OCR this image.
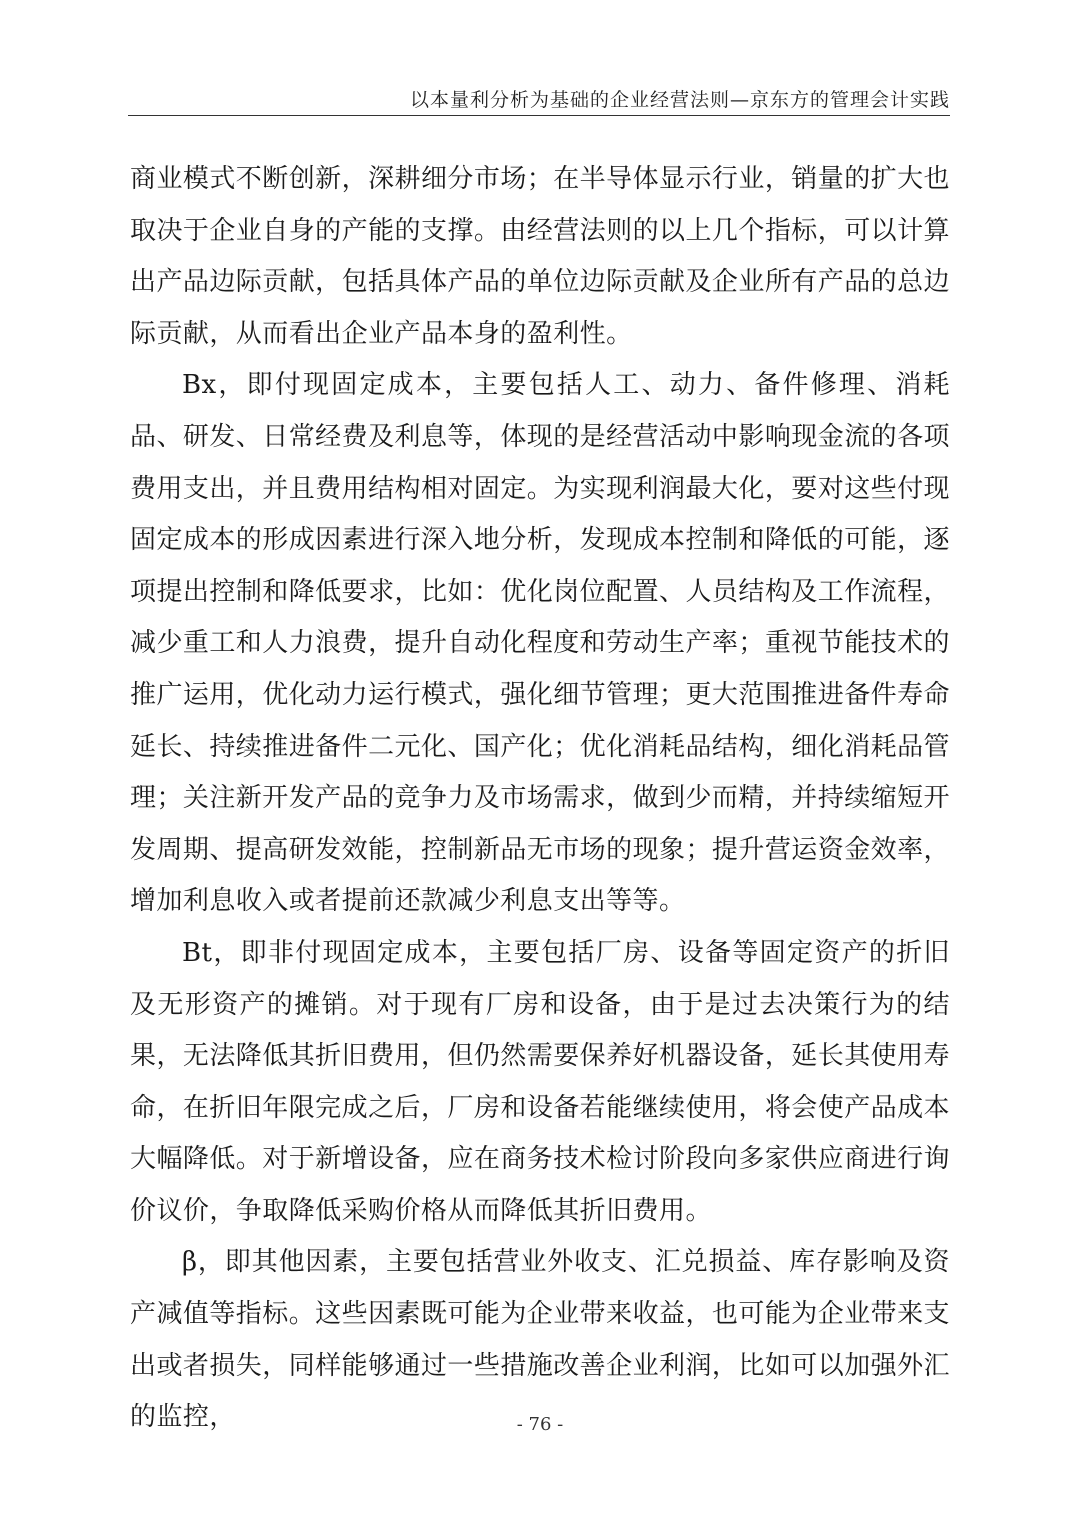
以本量利分析为基础的企业经营法则—京东方的管理会计实践

商业模式不断创新，深耕细分市场；在半导体显示行业，销量的扩大也取决于企业自身的产能的支撑。由经营法则的以上几个指标，可以计算出产品边际贡献，包括具体产品的单位边际贡献及企业所有产品的总边际贡献，从而看出企业产品本身的盈利性。

Bx，即付现固定成本，主要包括人工、动力、备件修理、消耗品、研发、日常经费及利息等，体现的是经营活动中影响现金流的各项费用支出，并且费用结构相对固定。为实现利润最大化，要对这些付现固定成本的形成因素进行深入地分析，发现成本控制和降低的可能，逐项提出控制和降低要求，比如：优化岗位配置、人员结构及工作流程，减少重工和人力浪费，提升自动化程度和劳动生产率；重视节能技术的推广运用，优化动力运行模式，强化细节管理；更大范围推进备件寿命延长、持续推进备件二元化、国产化；优化消耗品结构，细化消耗品管理；关注新开发产品的竞争力及市场需求，做到少而精，并持续缩短开发周期、提高研发效能，控制新品无市场的现象；提升营运资金效率，增加利息收入或者提前还款减少利息支出等等。

Bt，即非付现固定成本，主要包括厂房、设备等固定资产的折旧及无形资产的摊销。对于现有厂房和设备，由于是过去决策行为的结果，无法降低其折旧费用，但仍然需要保养好机器设备，延长其使用寿命，在折旧年限完成之后，厂房和设备若能继续使用，将会使产品成本大幅降低。对于新增设备，应在商务技术检讨阶段向多家供应商进行询价议价，争取降低采购价格从而降低其折旧费用。

β，即其他因素，主要包括营业外收支、汇兑损益、库存影响及资产减值等指标。这些因素既可能为企业带来收益，也可能为企业带来支出或者损失，同样能够通过一些措施改善企业利润，比如可以加强外汇的监控，	- 76 -
